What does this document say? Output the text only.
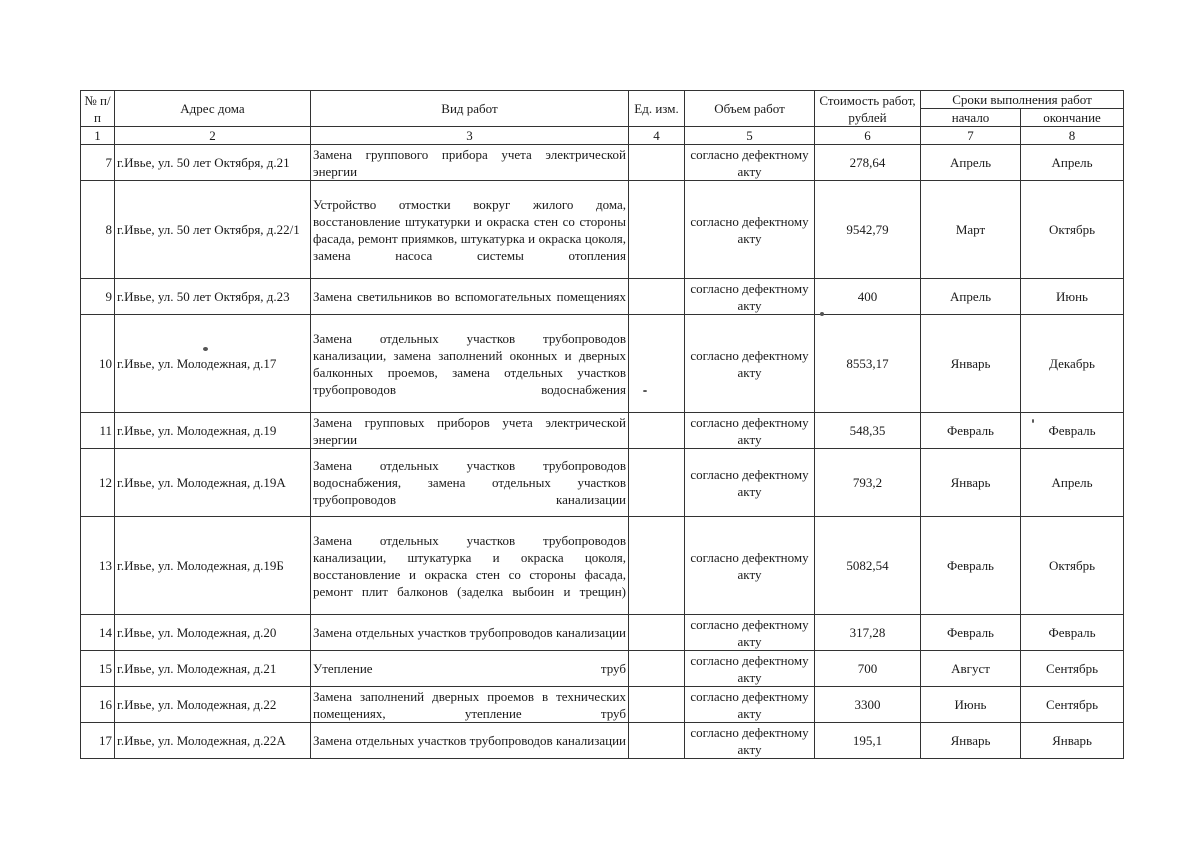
№ п/п	Адрес дома	Вид работ	Ед. изм.	Объем работ	Стоимость работ, рублей	Сроки выполнения работ	
						начало	окончание
1	2	3	4	5	6	7	8
7	г.Ивье, ул. 50 лет Октября, д.21	Замена группового прибора учета электрической энергии		согласно дефектному акту	278,64	Апрель	Апрель
8	г.Ивье, ул. 50 лет Октября, д.22/1	Устройство отмостки вокруг жилого дома, восстановление штукатурки и окраска стен со стороны фасада, ремонт приямков, штукатурка и окраска цоколя, замена насоса системы отопления		согласно дефектному акту	9542,79	Март	Октябрь
9	г.Ивье, ул. 50 лет Октября, д.23	Замена светильников во вспомогательных помещениях		согласно дефектному акту	400	Апрель	Июнь
10	г.Ивье, ул. Молодежная, д.17	Замена отдельных участков трубопроводов канализации, замена заполнений оконных и дверных балконных проемов, замена отдельных участков трубопроводов водоснабжения		согласно дефектному акту	8553,17	Январь	Декабрь
11	г.Ивье, ул. Молодежная, д.19	Замена групповых приборов учета электрической энергии		согласно дефектному акту	548,35	Февраль	Февраль
12	г.Ивье, ул. Молодежная, д.19А	Замена отдельных участков трубопроводов водоснабжения, замена отдельных участков трубопроводов канализации		согласно дефектному акту	793,2	Январь	Апрель
13	г.Ивье, ул. Молодежная, д.19Б	Замена отдельных участков трубопроводов канализации, штукатурка и окраска цоколя, восстановление и окраска стен со стороны фасада, ремонт плит балконов (заделка выбоин и трещин)		согласно дефектному акту	5082,54	Февраль	Октябрь
14	г.Ивье, ул. Молодежная, д.20	Замена отдельных участков трубопроводов канализации		согласно дефектному акту	317,28	Февраль	Февраль
15	г.Ивье, ул. Молодежная, д.21	Утепление труб		согласно дефектному акту	700	Август	Сентябрь
16	г.Ивье, ул. Молодежная, д.22	Замена заполнений дверных проемов в технических помещениях, утепление труб		согласно дефектному акту	3300	Июнь	Сентябрь
17	г.Ивье, ул. Молодежная, д.22А	Замена отдельных участков трубопроводов канализации		согласно дефектному акту	195,1	Январь	Январь
